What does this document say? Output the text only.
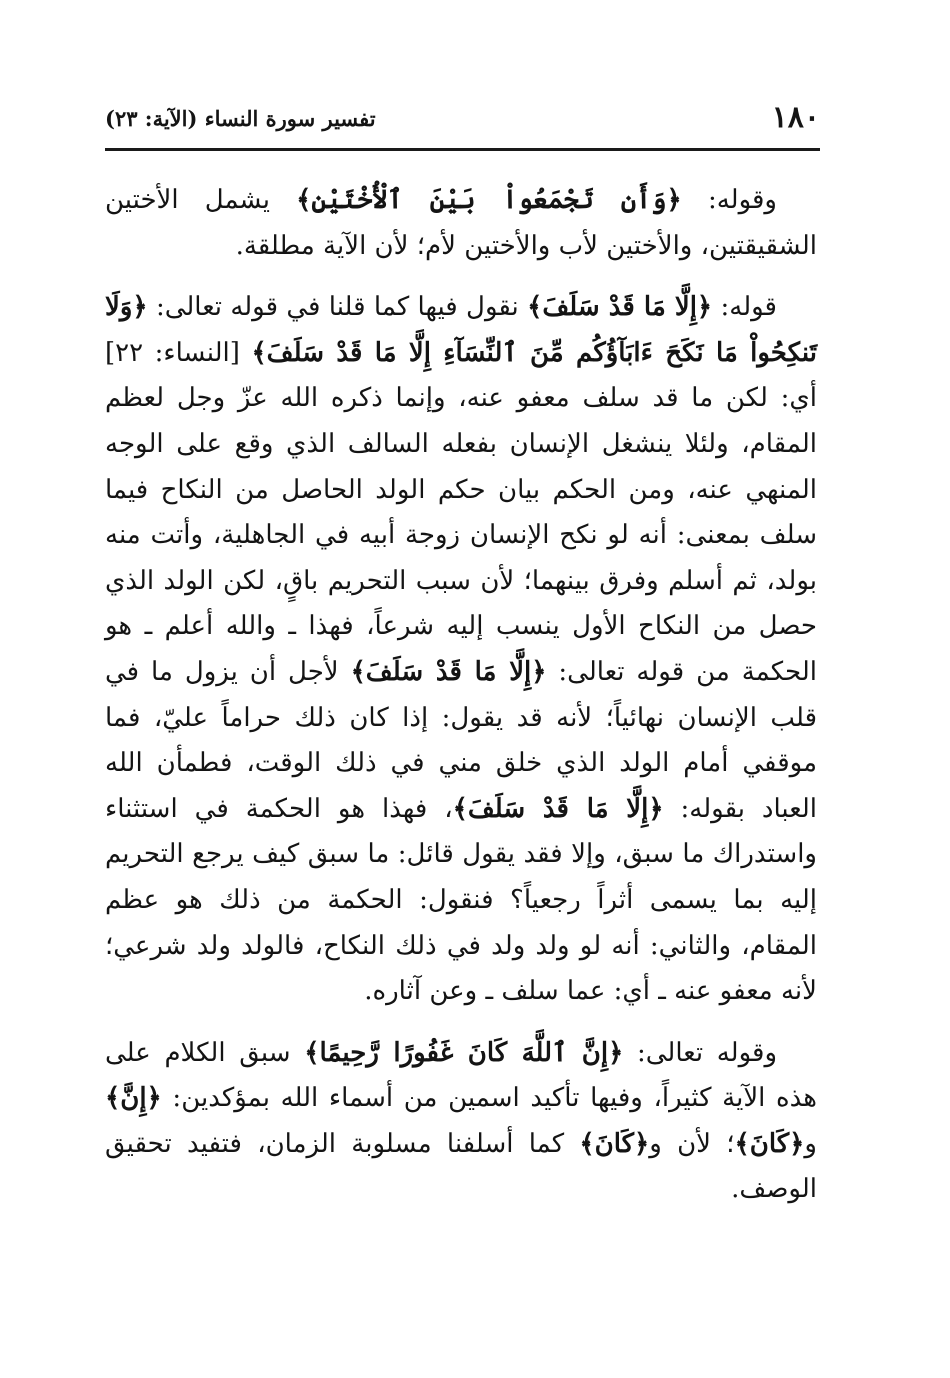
١٨٠
تفسير سورة النساء (الآية: ٢٣)

وقوله: ﴿وَأَن تَجْمَعُواْ بَيْنَ ٱلْأُخْتَيْنِ﴾ يشمل الأختين الشقيقتين، والأختين لأب والأختين لأم؛ لأن الآية مطلقة.

قوله: ﴿إِلَّا مَا قَدْ سَلَفَ﴾ نقول فيها كما قلنا في قوله تعالى: ﴿وَلَا تَنكِحُواْ مَا نَكَحَ ءَابَآؤُكُم مِّنَ ٱلنِّسَآءِ إِلَّا مَا قَدْ سَلَفَ﴾ [النساء: ٢٢] أي: لكن ما قد سلف معفو عنه، وإنما ذكره الله عزّ وجل لعظم المقام، ولئلا ينشغل الإنسان بفعله السالف الذي وقع على الوجه المنهي عنه، ومن الحكم بيان حكم الولد الحاصل من النكاح فيما سلف بمعنى: أنه لو نكح الإنسان زوجة أبيه في الجاهلية، وأتت منه بولد، ثم أسلم وفرق بينهما؛ لأن سبب التحريم باقٍ، لكن الولد الذي حصل من النكاح الأول ينسب إليه شرعاً، فهذا ـ والله أعلم ـ هو الحكمة من قوله تعالى: ﴿إِلَّا مَا قَدْ سَلَفَ﴾ لأجل أن يزول ما في قلب الإنسان نهائياً؛ لأنه قد يقول: إذا كان ذلك حراماً عليّ، فما موقفي أمام الولد الذي خلق مني في ذلك الوقت، فطمأن الله العباد بقوله: ﴿إِلَّا مَا قَدْ سَلَفَ﴾، فهذا هو الحكمة في استثناء واستدراك ما سبق، وإلا فقد يقول قائل: ما سبق كيف يرجع التحريم إليه بما يسمى أثراً رجعياً؟ فنقول: الحكمة من ذلك هو عظم المقام، والثاني: أنه لو ولد ولد في ذلك النكاح، فالولد ولد شرعي؛ لأنه معفو عنه ـ أي: عما سلف ـ وعن آثاره.

وقوله تعالى: ﴿إِنَّ ٱللَّهَ كَانَ غَفُورًا رَّحِيمًا﴾ سبق الكلام على هذه الآية كثيراً، وفيها تأكيد اسمين من أسماء الله بمؤكدين: ﴿إِنَّ﴾ و﴿كَانَ﴾؛ لأن و﴿كَانَ﴾ كما أسلفنا مسلوبة الزمان، فتفيد تحقيق الوصف.
